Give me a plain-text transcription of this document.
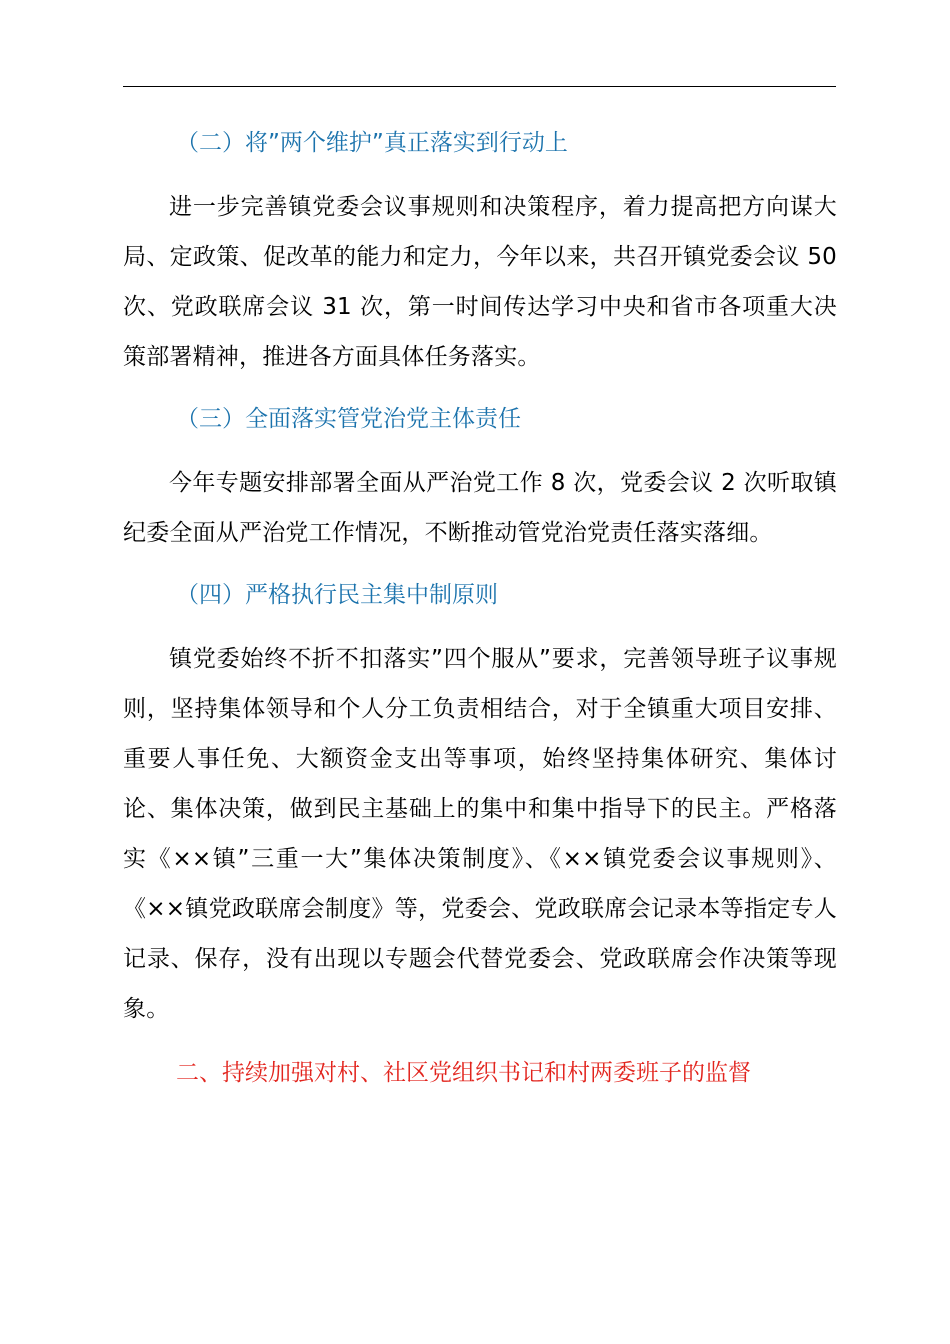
（二）将”两个维护”真正落实到行动上

进一步完善镇党委会议事规则和决策程序，着力提高把方向谋大局、定政策、促改革的能力和定力，今年以来，共召开镇党委会议 50 次、党政联席会议 31 次，第一时间传达学习中央和省市各项重大决策部署精神，推进各方面具体任务落实。

（三）全面落实管党治党主体责任

今年专题安排部署全面从严治党工作 8 次，党委会议 2 次听取镇纪委全面从严治党工作情况，不断推动管党治党责任落实落细。

（四）严格执行民主集中制原则

镇党委始终不折不扣落实”四个服从”要求，完善领导班子议事规则，坚持集体领导和个人分工负责相结合，对于全镇重大项目安排、重要人事任免、大额资金支出等事项，始终坚持集体研究、集体讨论、集体决策，做到民主基础上的集中和集中指导下的民主。严格落实《××镇”三重一大”集体决策制度》、《××镇党委会议事规则》、《××镇党政联席会制度》等，党委会、党政联席会记录本等指定专人记录、保存，没有出现以专题会代替党委会、党政联席会作决策等现象。

二、持续加强对村、社区党组织书记和村两委班子的监督
